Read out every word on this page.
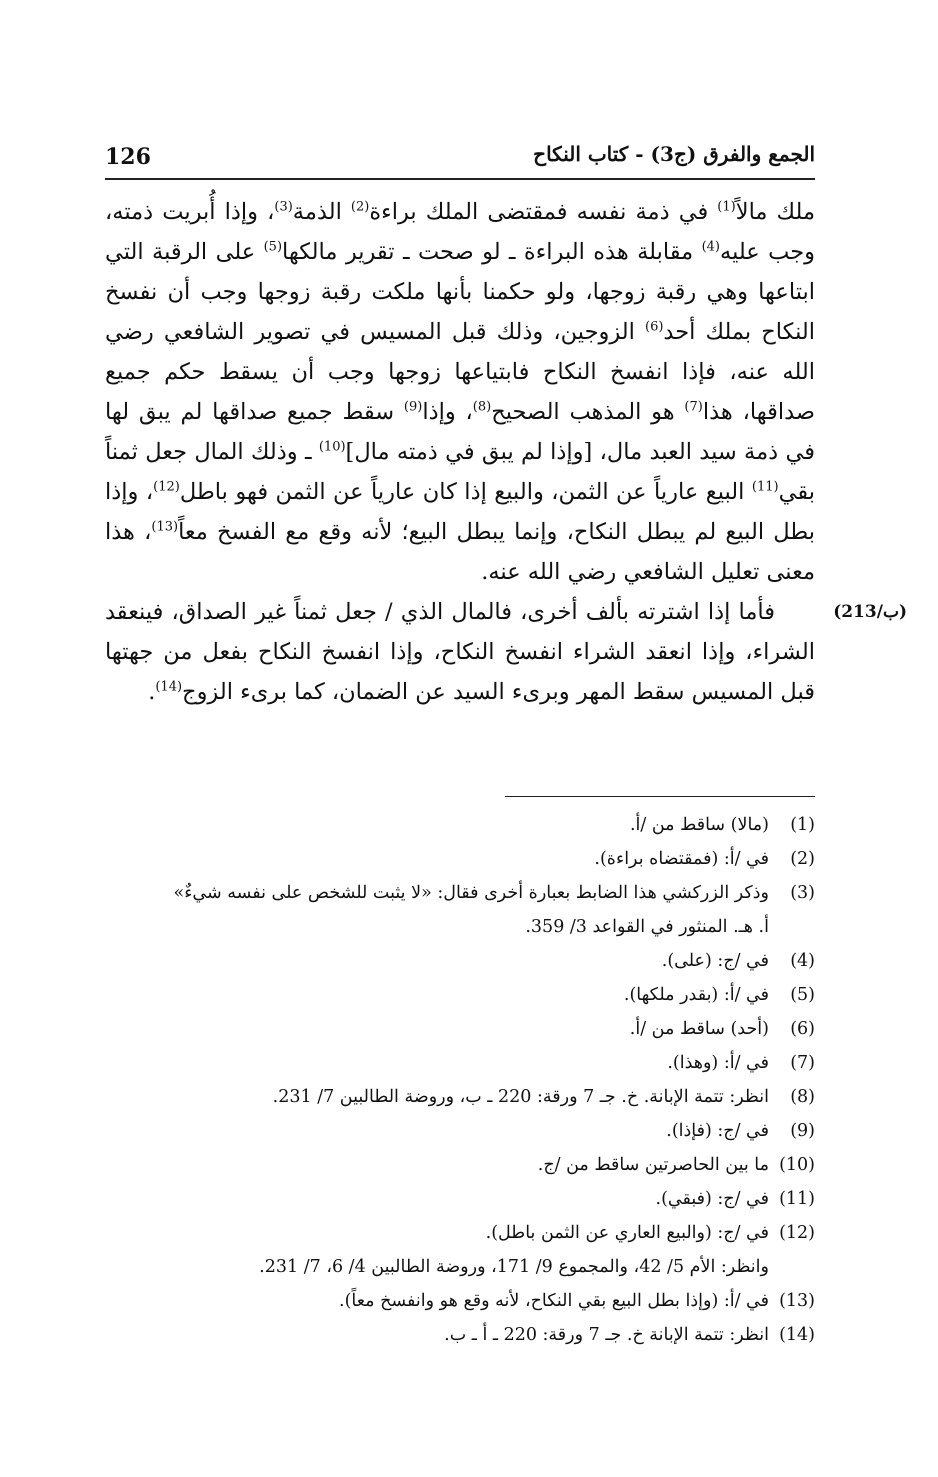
126	الجمع والفرق (ج3) - كتاب النكاح

ملك مالاً$^{(1)}$ في ذمة نفسه فمقتضى الملك براءة$^{(2)}$ الذمة$^{(3)}$، وإذا أُبريت ذمته، وجب عليه$^{(4)}$ مقابلة هذه البراءة ـ لو صحت ـ تقرير مالكها$^{(5)}$ على الرقبة التي ابتاعها وهي رقبة زوجها، ولو حكمنا بأنها ملكت رقبة زوجها وجب أن نفسخ النكاح بملك أحد$^{(6)}$ الزوجين، وذلك قبل المسيس في تصوير الشافعي رضي الله عنه، فإذا انفسخ النكاح فابتياعها زوجها وجب أن يسقط حكم جميع صداقها، هذا$^{(7)}$ هو المذهب الصحيح$^{(8)}$، وإذا$^{(9)}$ سقط جميع صداقها لم يبق لها في ذمة سيد العبد مال، [وإذا لم يبق في ذمته مال]$^{(10)}$ ـ وذلك المال جعل ثمناً بقي$^{(11)}$ البيع عارياً عن الثمن، والبيع إذا كان عارياً عن الثمن فهو باطل$^{(12)}$، وإذا بطل البيع لم يبطل النكاح، وإنما يبطل البيع؛ لأنه وقع مع الفسخ معاً$^{(13)}$، هذا معنى تعليل الشافعي رضي الله عنه.

(213/ب)
فأما إذا اشترته بألف أخرى، فالمال الذي / جعل ثمناً غير الصداق، فينعقد الشراء، وإذا انعقد الشراء انفسخ النكاح، وإذا انفسخ النكاح بفعل من جهتها قبل المسيس سقط المهر وبرىء السيد عن الضمان، كما برىء الزوج$^{(14)}$.

(1)
(مالا) ساقط من /أ.
(2)
في /أ: (فمقتضاه براءة).
(3)
وذكر الزركشي هذا الضابط بعبارة أخرى فقال: «لا يثبت للشخص على نفسه شيءٌ»
أ. هـ. المنثور في القواعد 3/ 359.
(4)
في /ج: (على).
(5)
في /أ: (بقدر ملكها).
(6)
(أحد) ساقط من /أ.
(7)
في /أ: (وهذا).
(8)
انظر: تتمة الإبانة. خ. جـ 7 ورقة: 220 ـ ب، وروضة الطالبين 7/ 231.
(9)
في /ج: (فإذا).
(10)
ما بين الحاصرتين ساقط من /ج.
(11)
في /ج: (فبقي).
(12)
في /ج: (والبيع العاري عن الثمن باطل).
وانظر: الأم 5/ 42، والمجموع 9/ 171، وروضة الطالبين 4/ 6، 7/ 231.
(13)
في /أ: (وإذا بطل البيع بقي النكاح، لأنه وقع هو وانفسخ معاً).
(14)
انظر: تتمة الإبانة خ. جـ 7 ورقة: 220 ـ أ ـ ب.
